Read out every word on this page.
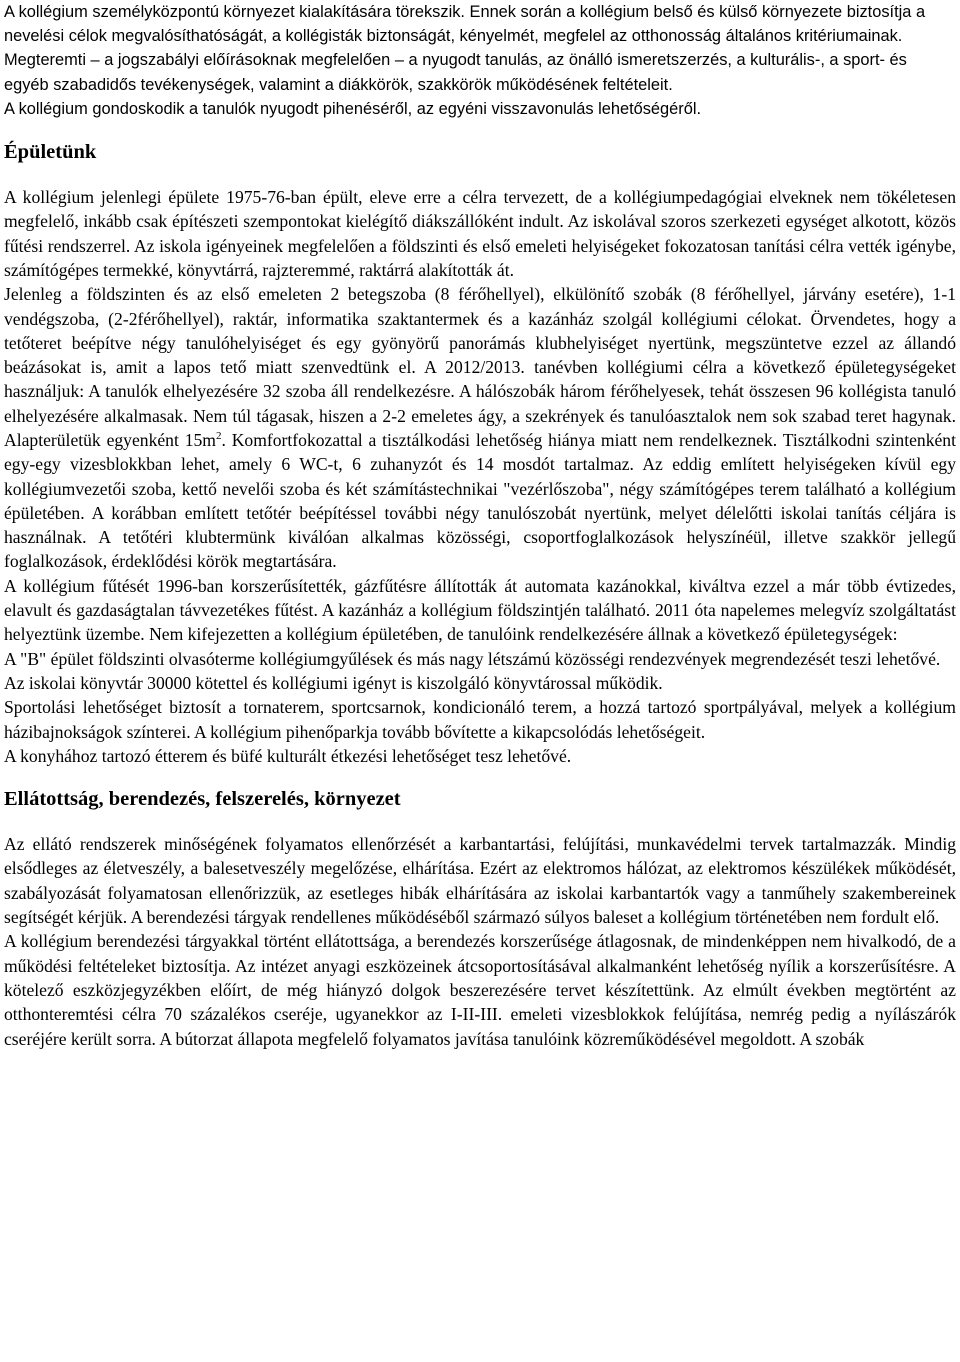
A kollégium személyközpontú környezet kialakítására törekszik. Ennek során a kollégium belső és külső környezete biztosítja a nevelési célok megvalósíthatóságát, a kollégisták biztonságát, kényelmét, megfelel az otthonosság általános kritériumainak.

Megteremti – a jogszabályi előírásoknak megfelelően – a nyugodt tanulás, az önálló ismeretszerzés, a kulturális-, a sport- és egyéb szabadidős tevékenységek, valamint a diákkörök, szakkörök működésének feltételeit.

A kollégium gondoskodik a tanulók nyugodt pihenéséről, az egyéni visszavonulás lehetőségéről.

Épületünk

A kollégium jelenlegi épülete 1975-76-ban épült, eleve erre a célra tervezett, de a kollégiumpedagógiai elveknek nem tökéletesen megfelelő, inkább csak építészeti szempontokat kielégítő diákszállóként indult. Az iskolával szoros szerkezeti egységet alkotott, közös fűtési rendszerrel. Az iskola igényeinek megfelelően a földszinti és első emeleti helyiségeket fokozatosan tanítási célra vették igénybe, számítógépes termekké, könyvtárrá, rajzteremmé, raktárrá alakították át.

Jelenleg a földszinten és az első emeleten 2 betegszoba (8 férőhellyel), elkülönítő szobák (8 férőhellyel, járvány esetére), 1-1 vendégszoba, (2-2férőhellyel), raktár, informatika szaktantermek és a kazánház szolgál kollégiumi célokat. Örvendetes, hogy a tetőteret beépítve négy tanulóhelyiséget és egy gyönyörű panorámás klubhelyiséget nyertünk, megszüntetve ezzel az állandó beázásokat is, amit a lapos tető miatt szenvedtünk el. A 2012/2013. tanévben kollégiumi célra a következő épületegységeket használjuk: A tanulók elhelyezésére 32 szoba áll rendelkezésre. A hálószobák három férőhelyesek, tehát összesen 96 kollégista tanuló elhelyezésére alkalmasak. Nem túl tágasak, hiszen a 2-2 emeletes ágy, a szekrények és tanulóasztalok nem sok szabad teret hagynak. Alapterületük egyenként $15m^2$. Komfortfokozattal a tisztálkodási lehetőség hiánya miatt nem rendelkeznek. Tisztálkodni szintenként egy-egy vizesblokkban lehet, amely 6 WC-t, 6 zuhanyzót és 14 mosdót tartalmaz. Az eddig említett helyiségeken kívül egy kollégiumvezetői szoba, kettő nevelői szoba és két számítástechnikai "vezérlőszoba", négy számítógépes terem található a kollégium épületében. A korábban említett tetőtér beépítéssel további négy tanulószobát nyertünk, melyet délelőtti iskolai tanítás céljára is használnak. A tetőtéri klubtermünk kiválóan alkalmas közösségi, csoportfoglalkozások helyszínéül, illetve szakkör jellegű foglalkozások, érdeklődési körök megtartására.

A kollégium fűtését 1996-ban korszerűsítették, gázfűtésre állították át automata kazánokkal, kiváltva ezzel a már több évtizedes, elavult és gazdaságtalan távvezetékes fűtést. A kazánház a kollégium földszintjén található. 2011 óta napelemes melegvíz szolgáltatást helyeztünk üzembe. Nem kifejezetten a kollégium épületében, de tanulóink rendelkezésére állnak a következő épületegységek:

A "B" épület földszinti olvasóterme kollégiumgyűlések és más nagy létszámú közösségi rendezvények megrendezését teszi lehetővé.

Az iskolai könyvtár 30000 kötettel és kollégiumi igényt is kiszolgáló könyvtárossal működik.

Sportolási lehetőséget biztosít a tornaterem, sportcsarnok, kondicionáló terem, a hozzá tartozó sportpályával, melyek a kollégium házibajnokságok színterei. A kollégium pihenőparkja tovább bővítette a kikapcsolódás lehetőségeit.

A konyhához tartozó étterem és büfé kulturált étkezési lehetőséget tesz lehetővé.

Ellátottság, berendezés, felszerelés, környezet

Az ellátó rendszerek minőségének folyamatos ellenőrzését a karbantartási, felújítási, munkavédelmi tervek tartalmazzák. Mindig elsődleges az életveszély, a balesetveszély megelőzése, elhárítása. Ezért az elektromos hálózat, az elektromos készülékek működését, szabályozását folyamatosan ellenőrizzük, az esetleges hibák elhárítására az iskolai karbantartók vagy a tanműhely szakembereinek segítségét kérjük. A berendezési tárgyak rendellenes működéséből származó súlyos baleset a kollégium történetében nem fordult elő.

A kollégium berendezési tárgyakkal történt ellátottsága, a berendezés korszerűsége átlagosnak, de mindenképpen nem hivalkodó, de a működési feltételeket biztosítja. Az intézet anyagi eszközeinek átcsoportosításával alkalmanként lehetőség nyílik a korszerűsítésre. A kötelező eszközjegyzékben előírt, de még hiányzó dolgok beszerezésére tervet készítettünk. Az elmúlt években megtörtént az otthonteremtési célra 70 százalékos cseréje, ugyanekkor az I-II-III. emeleti vizesblokkok felújítása, nemrég pedig a nyílászárók cseréjére került sorra. A bútorzat állapota megfelelő folyamatos javítása tanulóink közreműködésével megoldott. A szobák
